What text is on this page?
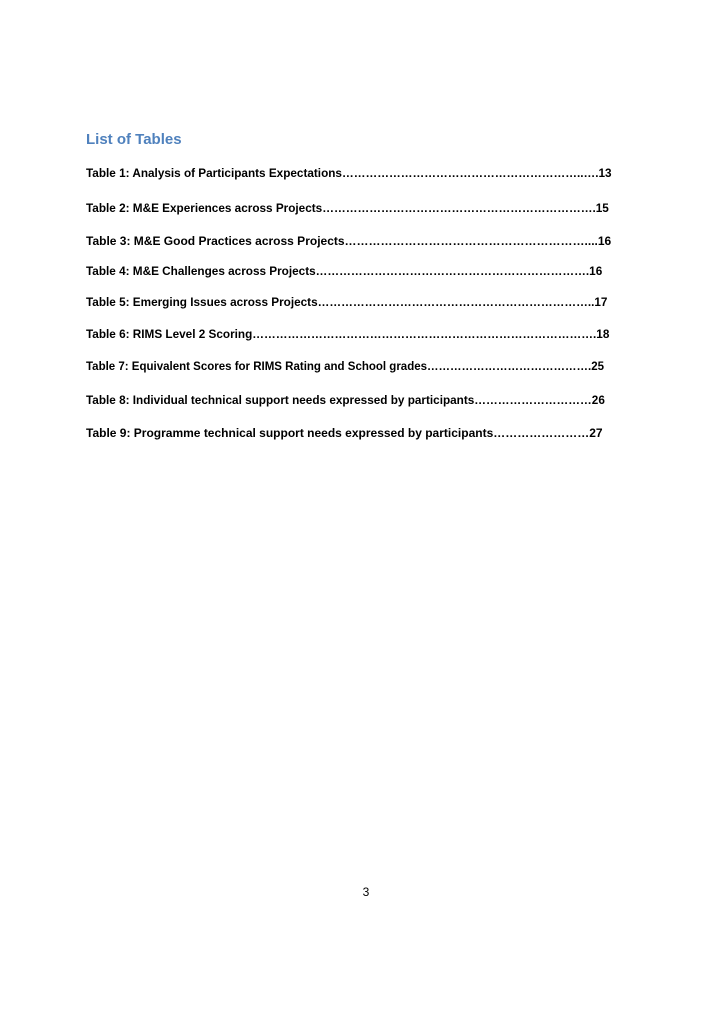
List of Tables
Table 1: Analysis of Participants Expectations……………………………………………………..….13
Table 2: M&E Experiences across Projects…………………………………………………………….15
Table 3: M&E Good Practices across Projects……………………………………………………....16
Table 4: M&E Challenges across Projects…………………………………………………………….16
Table 5: Emerging Issues across Projects……………………………………………………………..17
Table 6: RIMS Level 2 Scoring…………………………………………………………………………….18
Table 7: Equivalent Scores for RIMS Rating and School grades…………………………………….25
Table 8: Individual technical support needs expressed by participants…………………………26
Table 9: Programme technical support needs expressed by participants……………………27
3
